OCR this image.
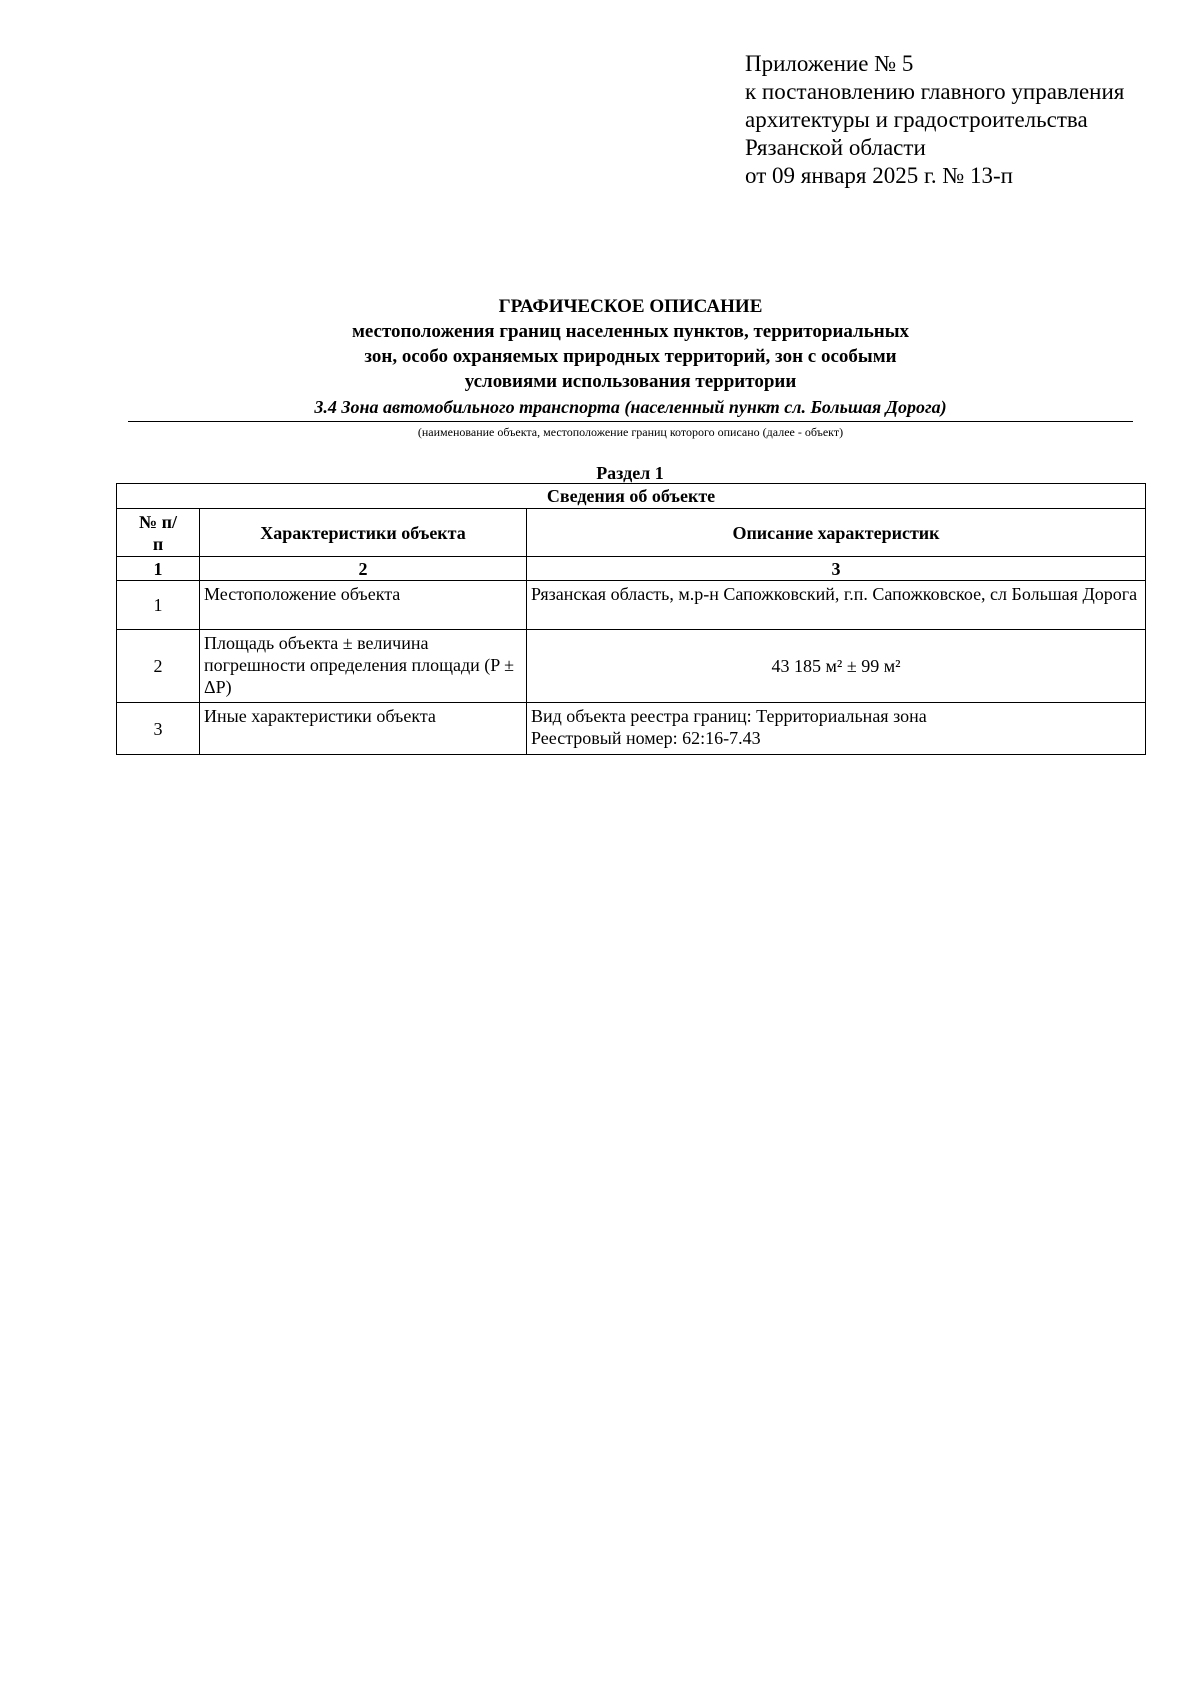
Приложение № 5
к постановлению главного управления
архитектуры и градостроительства
Рязанской области
от 09 января 2025 г. № 13-п
ГРАФИЧЕСКОЕ ОПИСАНИЕ
местоположения границ населенных пунктов, территориальных
зон, особо охраняемых природных территорий, зон с особыми
условиями использования территории
3.4 Зона автомобильного транспорта (населенный пункт сл. Большая Дорога)
(наименование объекта, местоположение границ которого описано (далее - объект)
Раздел 1
Сведения об объекте		
№ п/п	Характеристики объекта	Описание характеристик
1	2	3
1	Местоположение объекта	Рязанская область, м.р-н Сапожковский, г.п. Сапожковское, сл Большая Дорога
2	Площадь объекта ± величина погрешности определения площади (P ± ΔP)	43 185 м² ± 99 м²
3	Иные характеристики объекта	Вид объекта реестра границ: Территориальная зона
Реестровый номер: 62:16-7.43
